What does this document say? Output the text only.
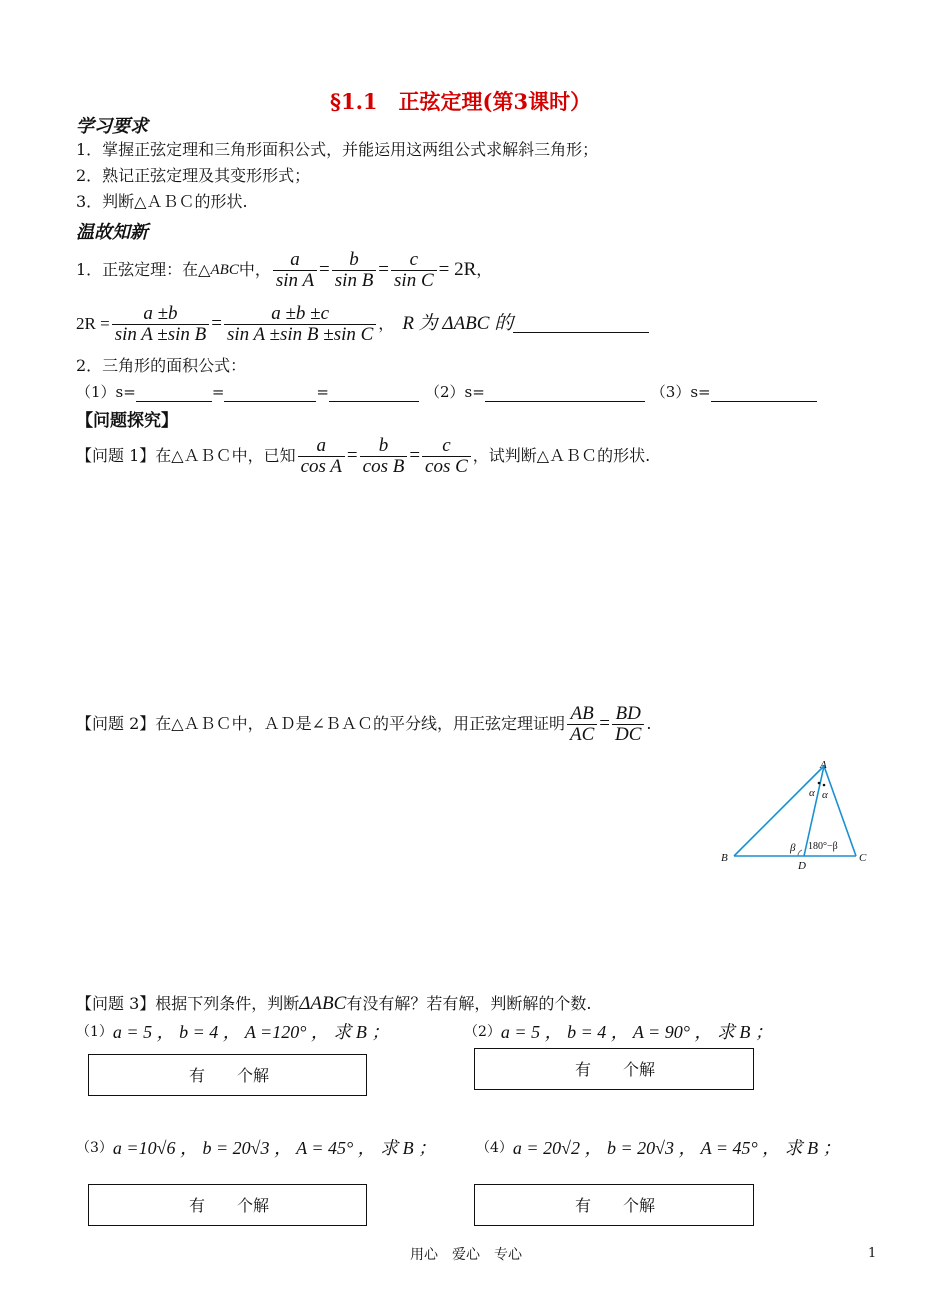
§1.1　正弦定理(第3课时）
学习要求
1．掌握正弦定理和三角形面积公式，并能运用这两组公式求解斜三角形；
2．熟记正弦定理及其变形形式；
3．判断△ＡＢＣ的形状.
温故知新
1．正弦定理：在△ ABC 中， $\frac{a}{\text{sin A}} = \frac{b}{\text{sin B}} = \frac{c}{\text{sin C}} = 2R$ ，
$2R = \frac{a \pm b}{\text{sin A ±sin B}} = \frac{a \pm b \pm c}{\text{sin A ±sin B ±sin C}}$ ， R 为 ΔABC 的
2．三角形的面积公式：
（1）s=	=	=	（2）s=	（3）s=
【问题探究】
【问题 1】在△ＡＢＣ中，已知 $\frac{a}{\text{cos A}} = \frac{b}{\text{cos B}} = \frac{c}{\text{cos C}}$ ，试判断△ＡＢＣ的形状.
【问题 2】在△ＡＢＣ中，ＡＤ是∠ＢＡＣ的平分线，用正弦定理证明 $\frac{AB}{AC} = \frac{BD}{DC}$ .
A
B	C
D
α α
β 180°−β
【问题 3】根据下列条件，判断 ΔABC 有没有解？若有解，判断解的个数.
（1） a = 5 ， b = 4 ， A =120° ， 求 B ；	（2） a = 5 ， b = 4 ， A = 90° ， 求 B ；
有　　个解	有　　个解
（3） a =10√6 ， b = 20√3 ， A = 45° ， 求 B ；	（4） a = 20√2 ， b = 20√3 ， A = 45° ， 求 B ；
有　　个解	有　　个解
用心　爱心　专心	1
